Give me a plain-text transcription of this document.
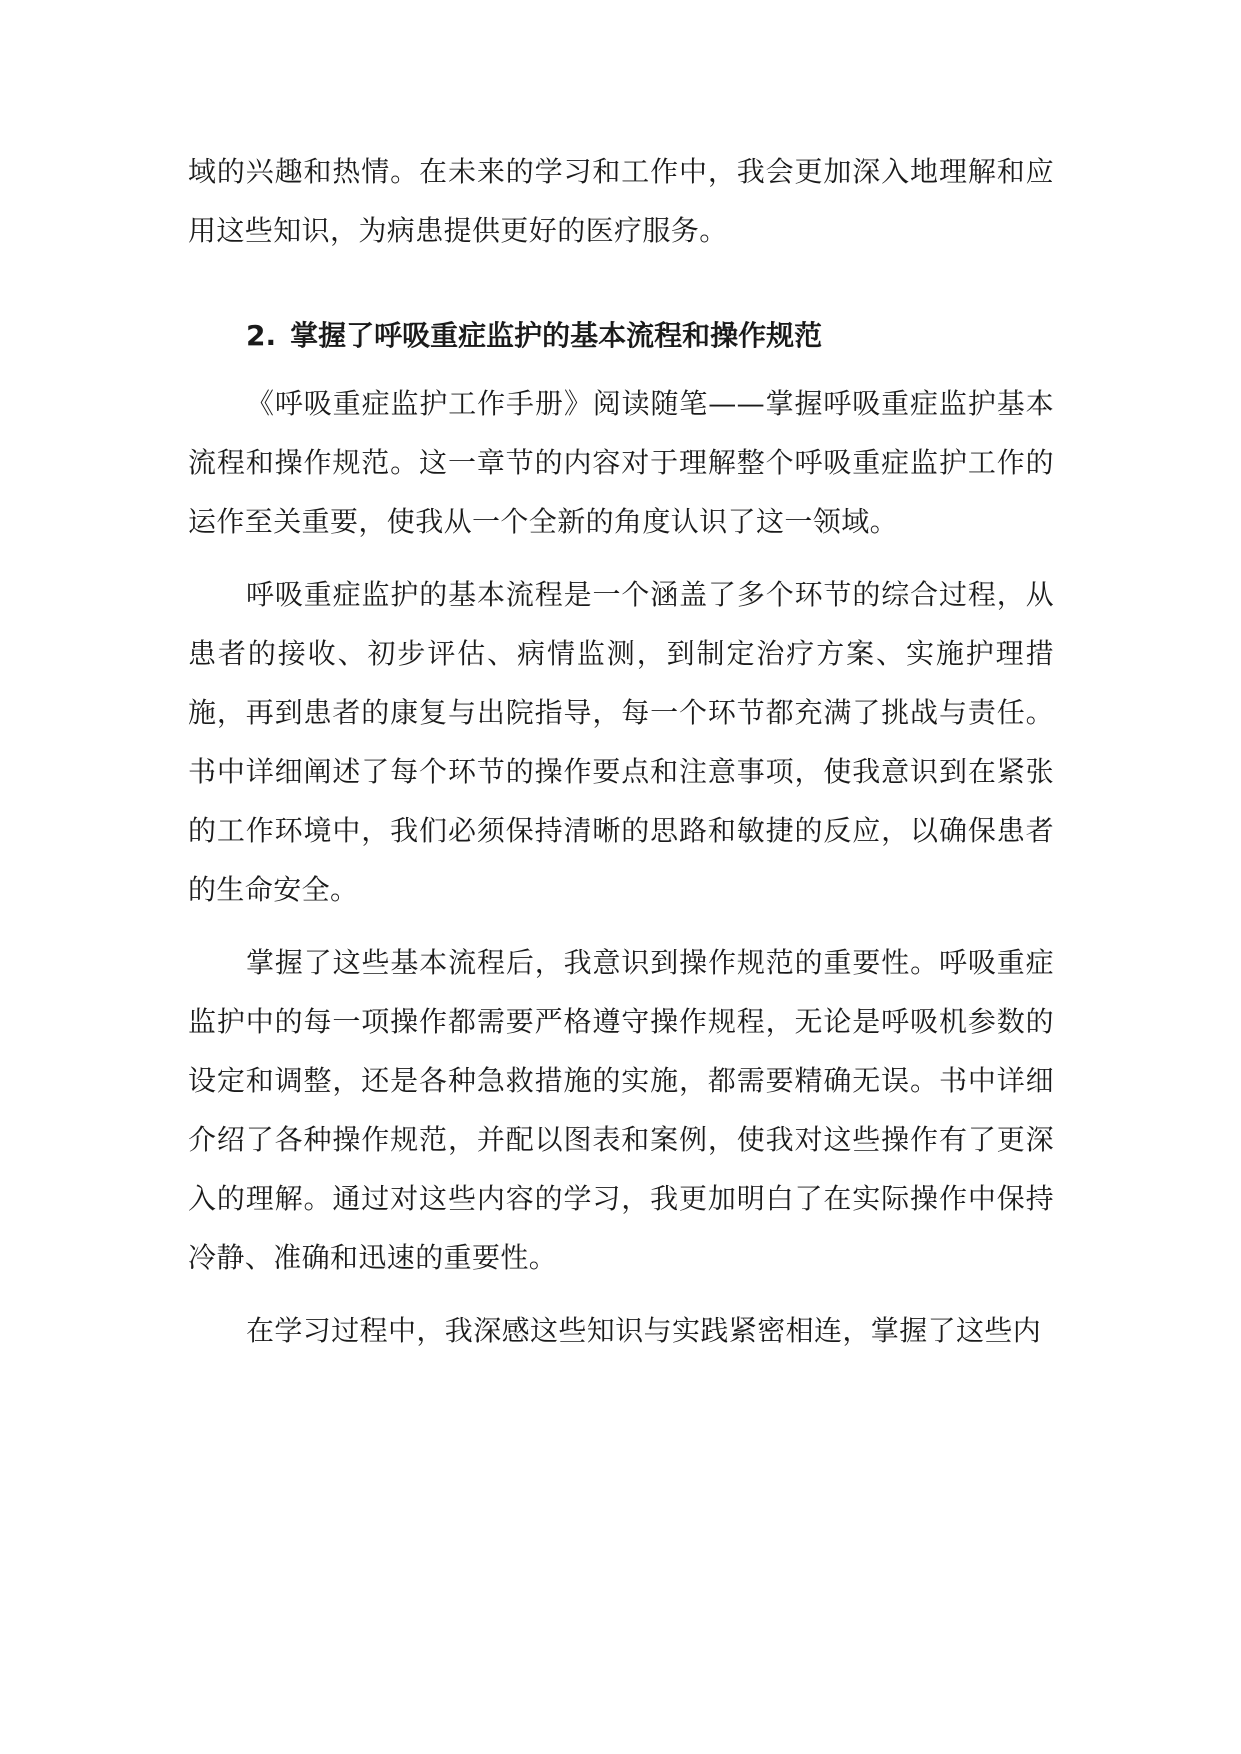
域的兴趣和热情。在未来的学习和工作中，我会更加深入地理解和应用这些知识，为病患提供更好的医疗服务。

2. 掌握了呼吸重症监护的基本流程和操作规范

《呼吸重症监护工作手册》阅读随笔——掌握呼吸重症监护基本流程和操作规范。这一章节的内容对于理解整个呼吸重症监护工作的运作至关重要，使我从一个全新的角度认识了这一领域。

呼吸重症监护的基本流程是一个涵盖了多个环节的综合过程，从患者的接收、初步评估、病情监测，到制定治疗方案、实施护理措施，再到患者的康复与出院指导，每一个环节都充满了挑战与责任。书中详细阐述了每个环节的操作要点和注意事项，使我意识到在紧张的工作环境中，我们必须保持清晰的思路和敏捷的反应，以确保患者的生命安全。

掌握了这些基本流程后，我意识到操作规范的重要性。呼吸重症监护中的每一项操作都需要严格遵守操作规程，无论是呼吸机参数的设定和调整，还是各种急救措施的实施，都需要精确无误。书中详细介绍了各种操作规范，并配以图表和案例，使我对这些操作有了更深入的理解。通过对这些内容的学习，我更加明白了在实际操作中保持冷静、准确和迅速的重要性。

在学习过程中，我深感这些知识与实践紧密相连，掌握了这些内
